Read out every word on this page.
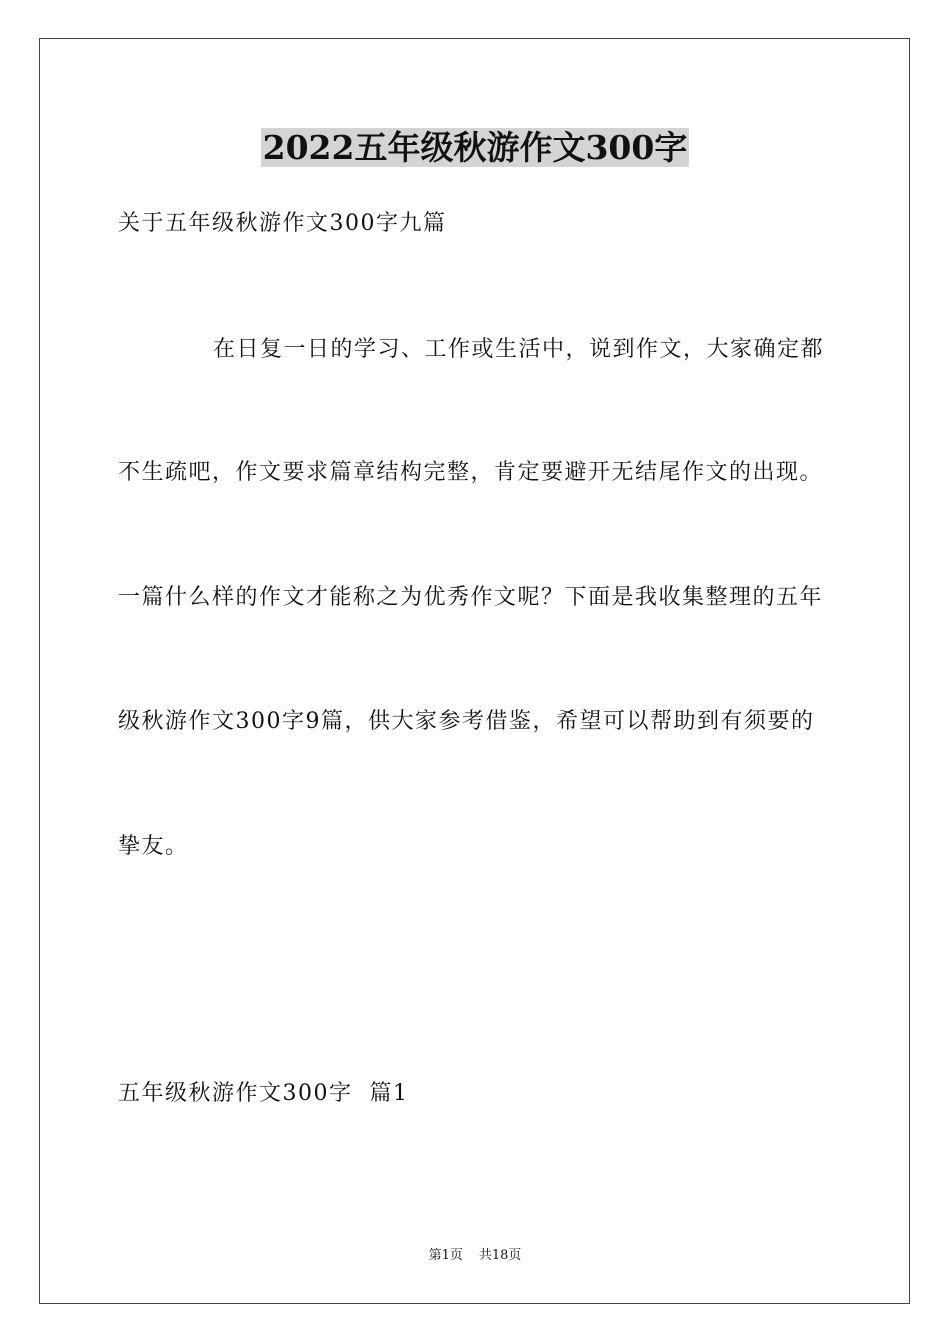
2022五年级秋游作文300字
关于五年级秋游作文300字九篇
在日复一日的学习、工作或生活中，说到作文，大家确定都
不生疏吧，作文要求篇章结构完整，肯定要避开无结尾作文的出现。
一篇什么样的作文才能称之为优秀作文呢？下面是我收集整理的五年
级秋游作文300字9篇，供大家参考借鉴，希望可以帮助到有须要的
挚友。
五年级秋游作文300字  篇1
第1页 共18页
